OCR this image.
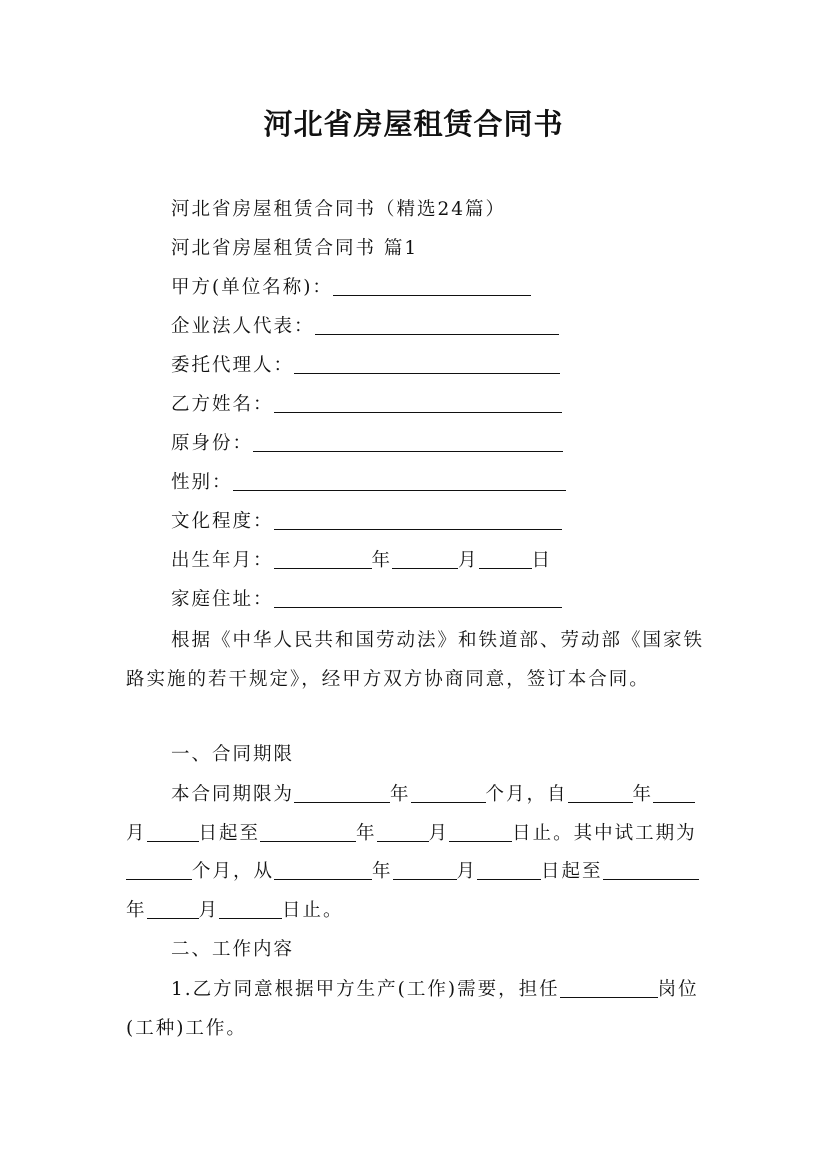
河北省房屋租赁合同书
河北省房屋租赁合同书（精选24篇）
河北省房屋租赁合同书 篇1
甲方(单位名称)：
企业法人代表：
委托代理人：
乙方姓名：
原身份：
性别：
文化程度：
出生年月：	年	月	日
家庭住址：
根据《中华人民共和国劳动法》和铁道部、劳动部《国家铁路实施的若干规定》，经甲方双方协商同意，签订本合同。
一、合同期限
本合同期限为	年	个月，自	年月	日起至	年	月	日止。其中试工期为个月，从	年	月	日起至年	月	日止。
二、工作内容
1.乙方同意根据甲方生产(工作)需要，担任	岗位(工种)工作。
